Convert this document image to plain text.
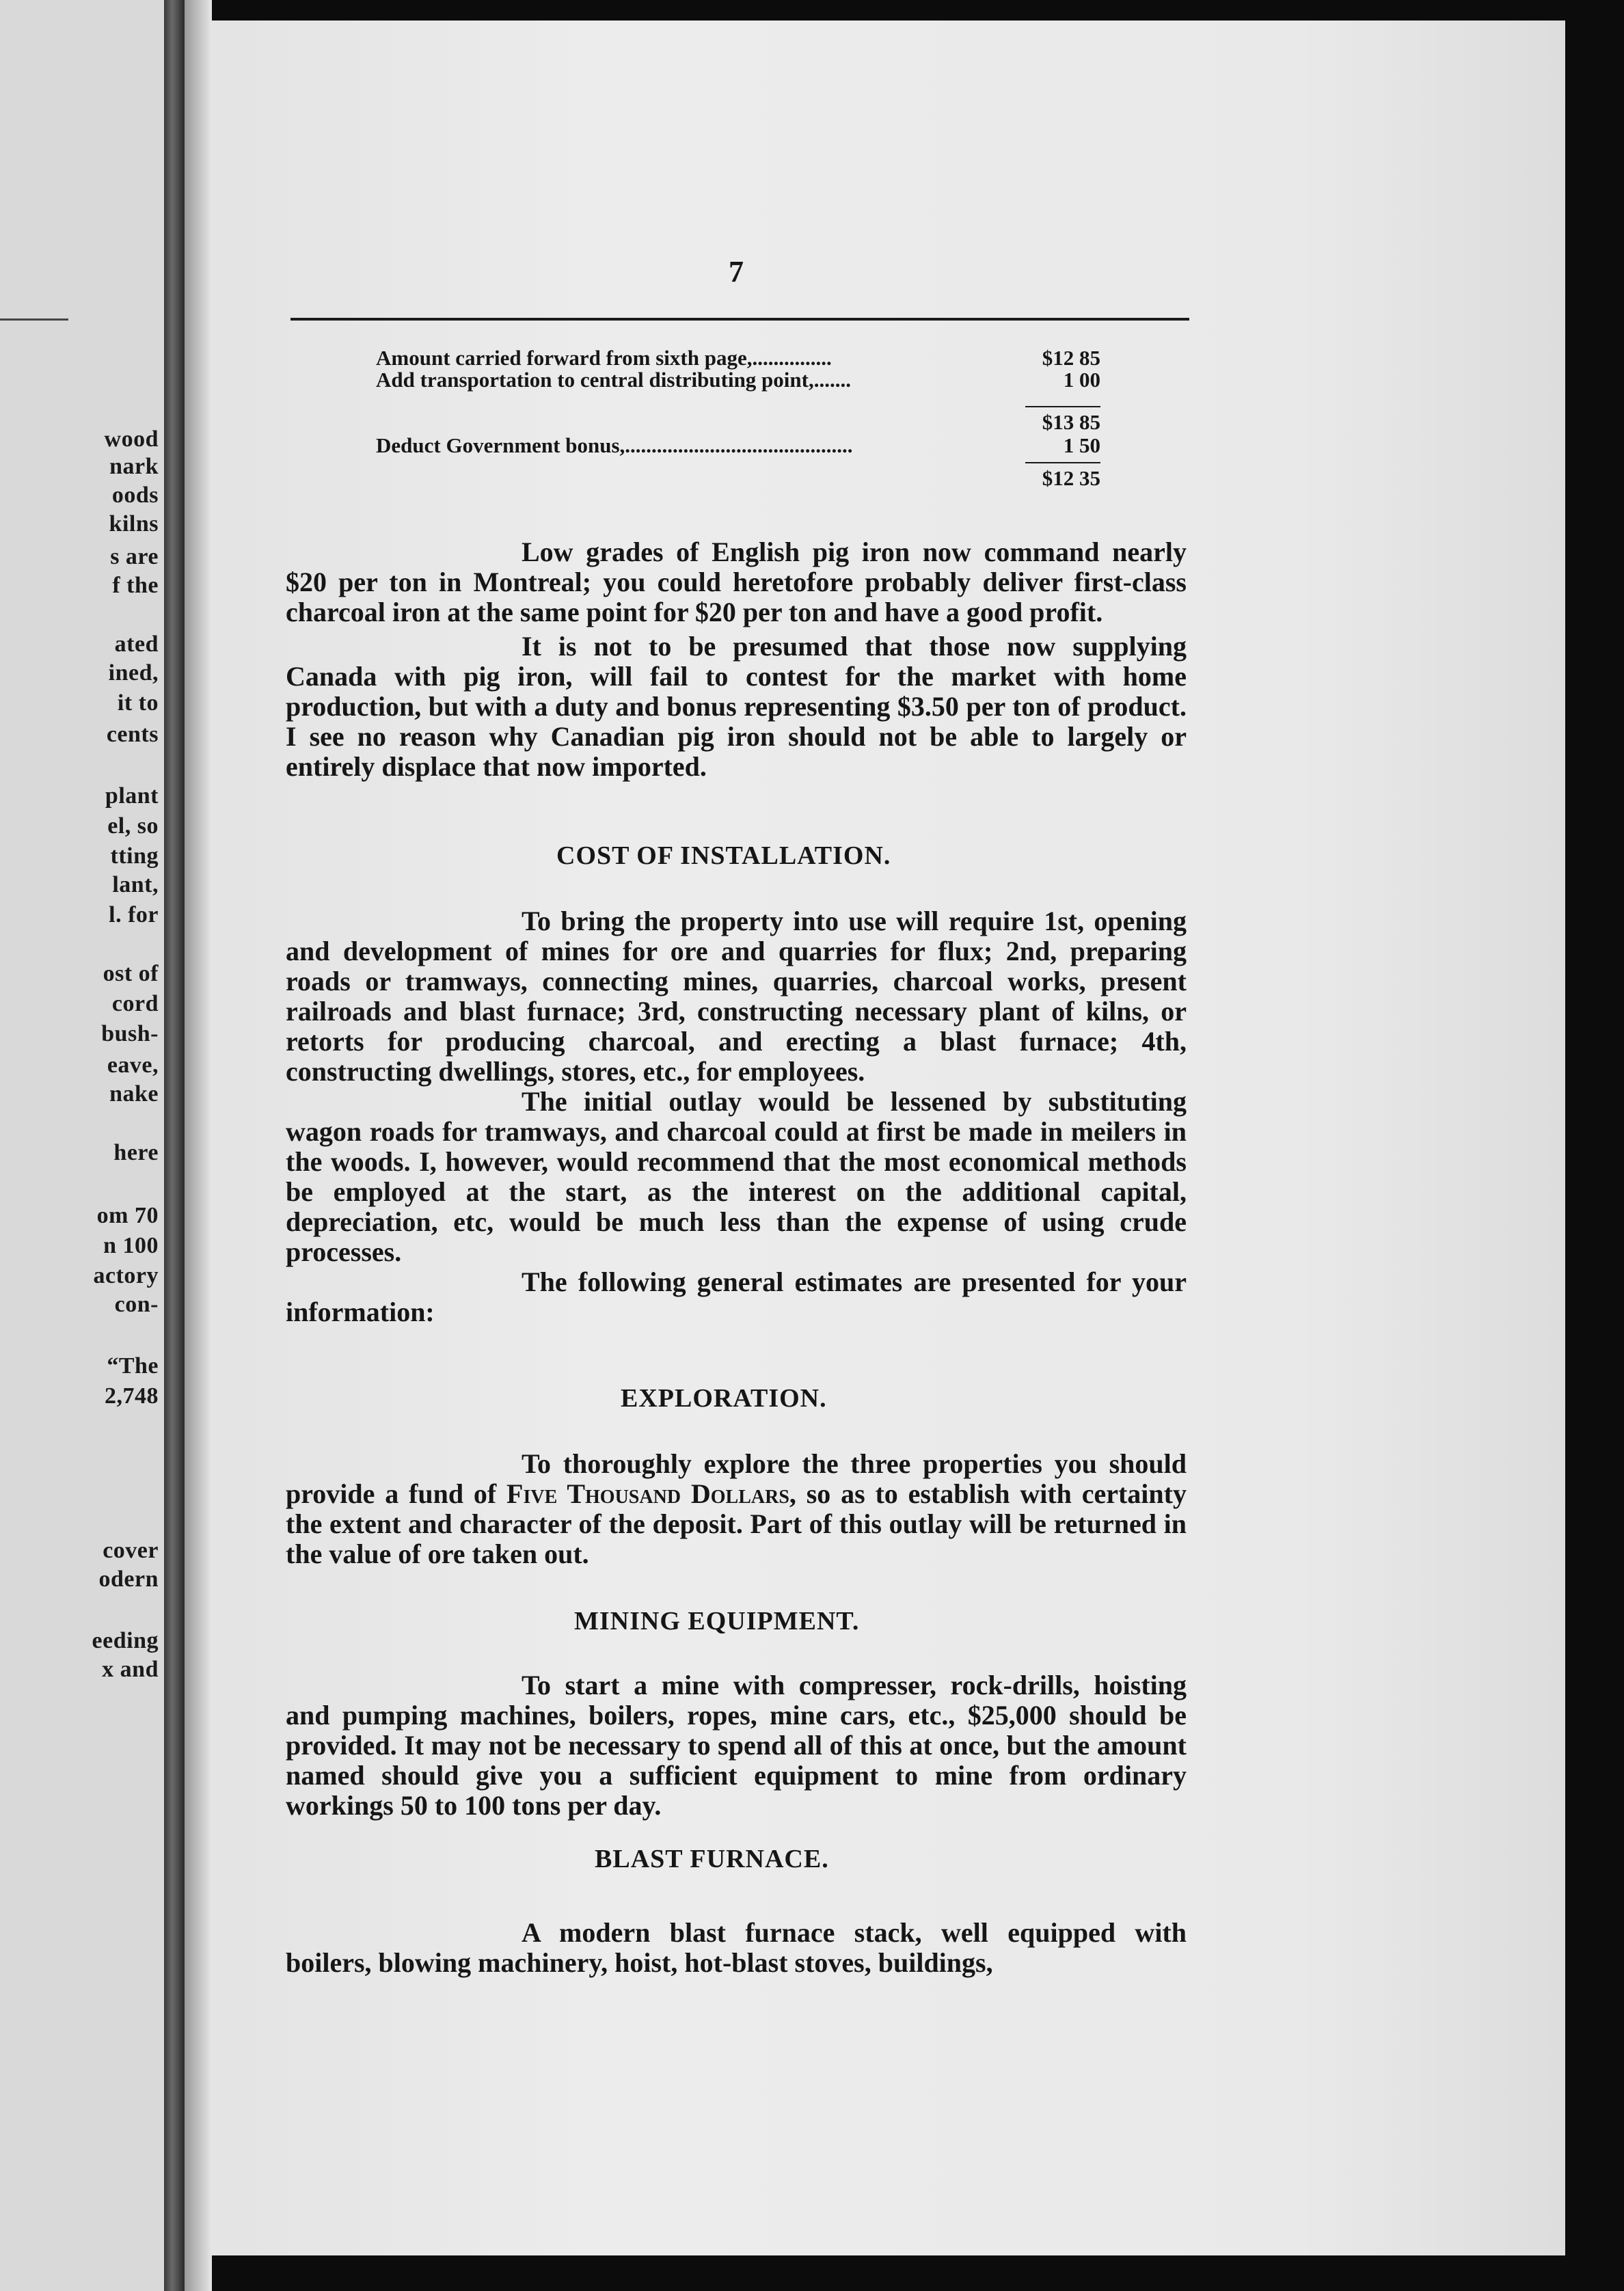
wood
nark
oods
kilns
s are
f the
ated
ined,
it to
cents
plant
el, so
tting
lant,
l. for
ost of
cord
bush-
eave,
nake
here
om 70
n 100
actory
con-
“The
2,748
cover
odern
eeding
x and
7
Amount carried forward from sixth page,...............	$12 85
Add transportation to central distributing point,.......	1 00
$13 85
Deduct Government bonus,...........................................	1 50
$12 35

Low grades of English pig iron now command nearly $20 per ton in Montreal; you could heretofore probably deliver first-class charcoal iron at the same point for $20 per ton and have a good profit.

It is not to be presumed that those now supplying Canada with pig iron, will fail to contest for the market with home production, but with a duty and bonus representing $3.50 per ton of product. I see no reason why Canadian pig iron should not be able to largely or entirely displace that now imported.

COST OF INSTALLATION.

To bring the property into use will require 1st, opening and development of mines for ore and quarries for flux; 2nd, preparing roads or tramways, connecting mines, quarries, charcoal works, present railroads and blast furnace; 3rd, constructing necessary plant of kilns, or retorts for producing charcoal, and erecting a blast furnace; 4th, constructing dwellings, stores, etc., for employees.

The initial outlay would be lessened by substituting wagon roads for tramways, and charcoal could at first be made in meilers in the woods. I, however, would recommend that the most economical methods be employed at the start, as the interest on the additional capital, depreciation, etc, would be much less than the expense of using crude processes.

The following general estimates are presented for your information:

EXPLORATION.

To thoroughly explore the three properties you should provide a fund of Five Thousand Dollars, so as to establish with certainty the extent and character of the deposit. Part of this outlay will be returned in the value of ore taken out.

MINING EQUIPMENT.

To start a mine with compresser, rock-drills, hoisting and pumping machines, boilers, ropes, mine cars, etc., $25,000 should be provided. It may not be necessary to spend all of this at once, but the amount named should give you a sufficient equipment to mine from ordinary workings 50 to 100 tons per day.

BLAST FURNACE.

A modern blast furnace stack, well equipped with boilers, blowing machinery, hoist, hot-blast stoves, buildings,
